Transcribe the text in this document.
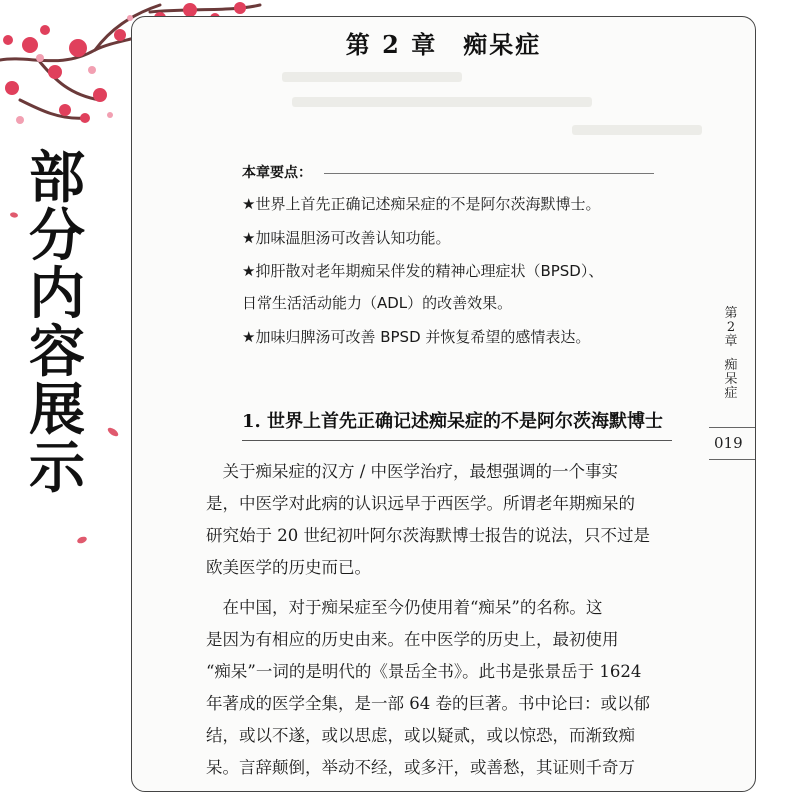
部
分
内
容
展
示
第 2 章　痴呆症
本章要点：
★世界上首先正确记述痴呆症的不是阿尔茨海默博士。
★加味温胆汤可改善认知功能。
★抑肝散对老年期痴呆伴发的精神心理症状（BPSD）、
日常生活活动能力（ADL）的改善效果。
★加味归脾汤可改善 BPSD 并恢复希望的感情表达。
第
2
章
痴
呆
症
019
1. 世界上首先正确记述痴呆症的不是阿尔茨海默博士
　关于痴呆症的汉方 / 中医学治疗，最想强调的一个事实
是，中医学对此病的认识远早于西医学。所谓老年期痴呆的
研究始于 20 世纪初叶阿尔茨海默博士报告的说法，只不过是
欧美医学的历史而已。
　在中国，对于痴呆症至今仍使用着“痴呆”的名称。这
是因为有相应的历史由来。在中医学的历史上，最初使用
“痴呆”一词的是明代的《景岳全书》。此书是张景岳于 1624
年著成的医学全集，是一部 64 卷的巨著。书中论曰：或以郁
结，或以不遂，或以思虑，或以疑贰，或以惊恐，而渐致痴
呆。言辞颠倒，举动不经，或多汗，或善愁，其证则千奇万
